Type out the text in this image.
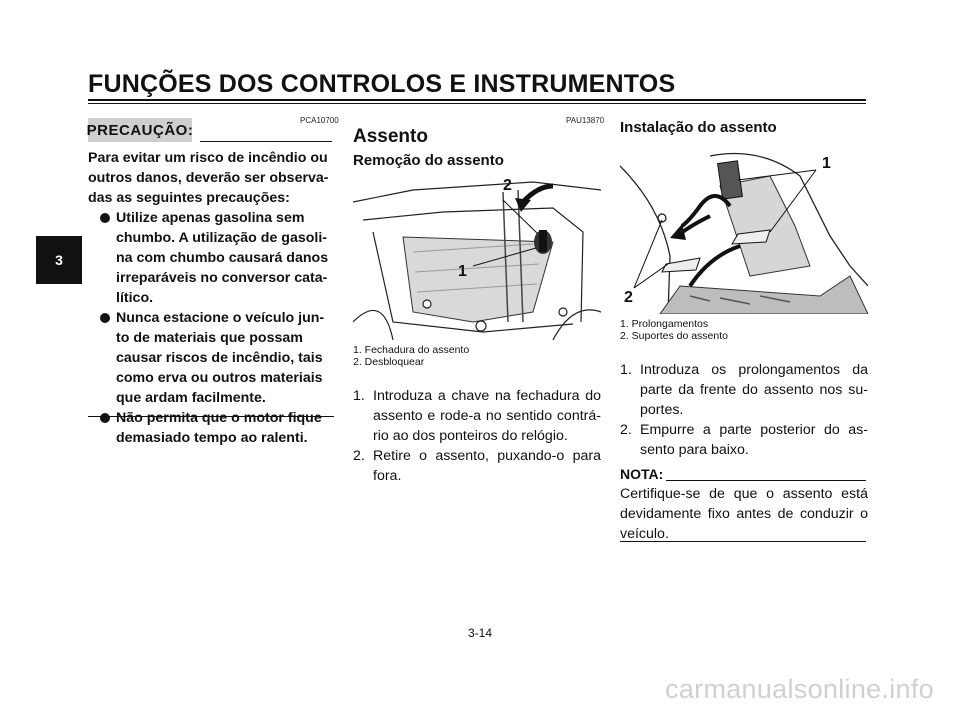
FUNÇÕES DOS CONTROLOS E INSTRUMENTOS
3
PCA10700
PRECAUÇÃO:

Para evitar um risco de incêndio ou outros danos, deverão ser observa-das as seguintes precauções:

Utilize apenas gasolina sem chumbo. A utilização de gasoli-na com chumbo causará danos irreparáveis no conversor cata-lítico.
Nunca estacione o veículo jun-to de materiais que possam causar riscos de incêndio, tais como erva ou outros materiais que ardam facilmente.
Não permita que o motor fique demasiado tempo ao ralenti.
PAU13870
Assento
Remoção do assento
2
1
1. Fechadura do assento
2. Desbloquear
1. Introduza a chave na fechadura do assento e rode-a no sentido contrá-rio ao dos ponteiros do relógio.
2. Retire o assento, puxando-o para fora.
Instalação do assento
1
2
1. Prolongamentos
2. Suportes do assento
1. Introduza os prolongamentos da parte da frente do assento nos su-portes.
2. Empurre a parte posterior do as-sento para baixo.
NOTA:
Certifique-se de que o assento está devidamente fixo antes de conduzir o veículo.
3-14
carmanualsonline.info
